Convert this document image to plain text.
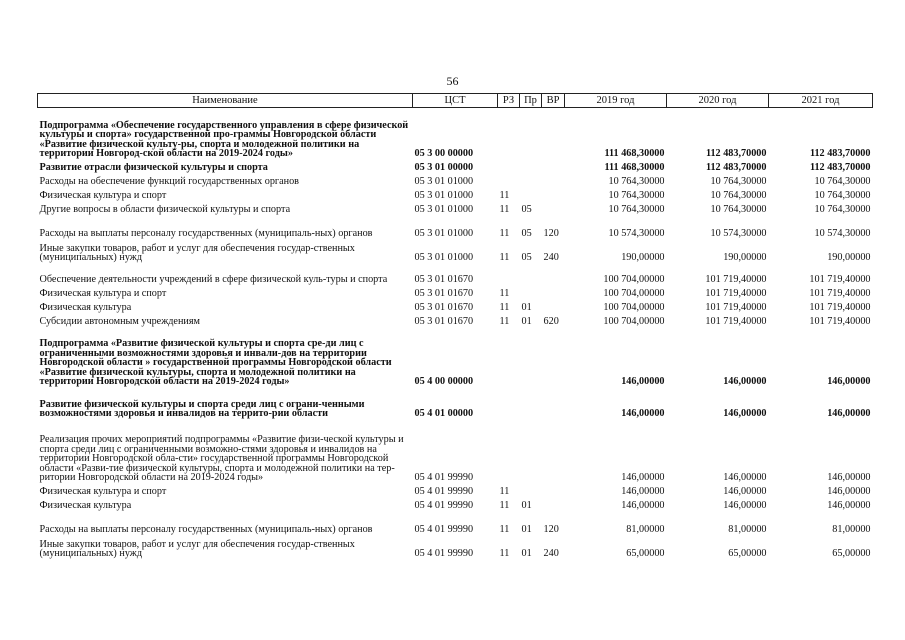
56
Наименование	ЦСТ	РЗ	Пр	ВР	2019 год	2020 год	2021 год
Подпрограмма «Обеспечение государственного управления в сфере физической культуры и спорта» государственной про-граммы Новгородской области «Развитие физической культу-ры, спорта и молодежной политики на территории Новгород-ской области на 2019-2024 годы»	05 3 00 00000				111 468,30000	112 483,70000	112 483,70000
Развитие отрасли физической культуры и спорта	05 3 01 00000				111 468,30000	112 483,70000	112 483,70000
Расходы на обеспечение функций государственных органов	05 3 01 01000				10 764,30000	10 764,30000	10 764,30000
Физическая культура и спорт	05 3 01 01000	11			10 764,30000	10 764,30000	10 764,30000
Другие вопросы в области физической культуры и спорта	05 3 01 01000	11	05		10 764,30000	10 764,30000	10 764,30000
Расходы на выплаты персоналу государственных (муниципаль-ных) органов	05 3 01 01000	11	05	120	10 574,30000	10 574,30000	10 574,30000
Иные закупки товаров, работ и услуг для обеспечения государ-ственных (муниципальных) нужд	05 3 01 01000	11	05	240	190,00000	190,00000	190,00000
Обеспечение деятельности учреждений в сфере физической куль-туры и спорта	05 3 01 01670				100 704,00000	101 719,40000	101 719,40000
Физическая культура и спорт	05 3 01 01670	11			100 704,00000	101 719,40000	101 719,40000
Физическая культура	05 3 01 01670	11	01		100 704,00000	101 719,40000	101 719,40000
Субсидии автономным учреждениям	05 3 01 01670	11	01	620	100 704,00000	101 719,40000	101 719,40000
Подпрограмма «Развитие физической культуры и спорта сре-ди лиц с ограниченными возможностями здоровья и инвали-дов на территории Новгородской области » государственной программы Новгородской области «Развитие физической культуры, спорта и молодежной политики на территории Новгородской области на 2019-2024 годы»	05 4 00 00000				146,00000	146,00000	146,00000
Развитие физической культуры и спорта среди лиц с ограни-ченными возможностями здоровья и инвалидов на террито-рии области	05 4 01 00000				146,00000	146,00000	146,00000
Реализация прочих мероприятий подпрограммы «Развитие физи-ческой культуры и спорта среди лиц с ограниченными возможно-стями здоровья и инвалидов на территории Новгородской обла-сти» государственной программы Новгородской области «Разви-тие физической культуры, спорта и молодежной политики на тер-ритории Новгородской области на 2019-2024 годы»	05 4 01 99990				146,00000	146,00000	146,00000
Физическая культура и спорт	05 4 01 99990	11			146,00000	146,00000	146,00000
Физическая культура	05 4 01 99990	11	01		146,00000	146,00000	146,00000
Расходы на выплаты персоналу государственных (муниципаль-ных) органов	05 4 01 99990	11	01	120	81,00000	81,00000	81,00000
Иные закупки товаров, работ и услуг для обеспечения государ-ственных (муниципальных) нужд	05 4 01 99990	11	01	240	65,00000	65,00000	65,00000
